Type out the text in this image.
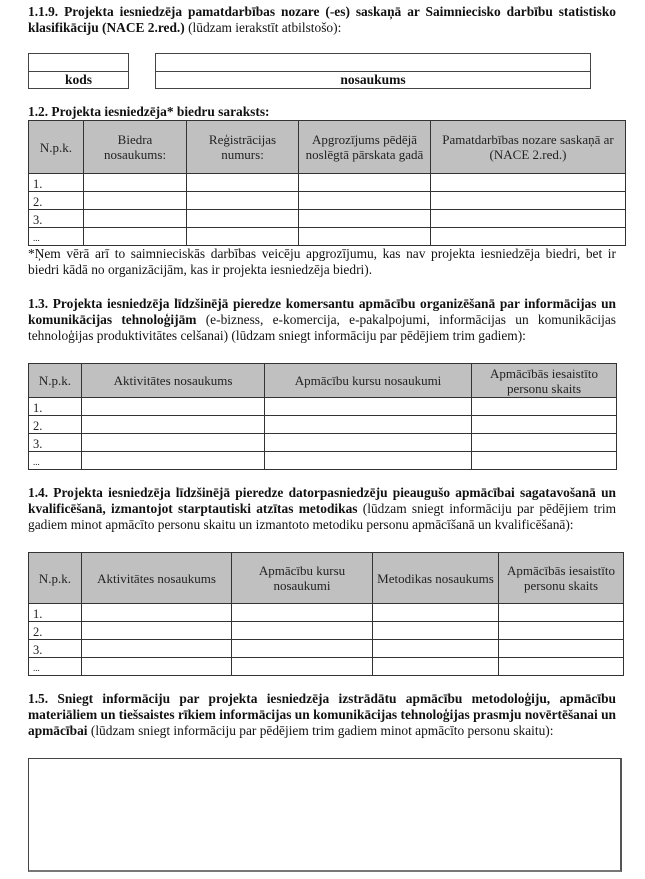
1.1.9. Projekta iesniedzēja pamatdarbības nozare (-es) saskaņā ar Saimniecisko darbību statistisko klasifikāciju (NACE 2.red.) (lūdzam ierakstīt atbilstošo):
kods	nosaukums
1.2. Projekta iesniedzēja* biedru saraksts:
N.p.k.	Biedra nosaukums:	Reģistrācijas numurs:	Apgrozījums pēdējā noslēgtā pārskata gadā	Pamatdarbības nozare saskaņā ar (NACE 2.red.)
1.				
2.				
3.				
...				
*Ņem vērā arī to saimnieciskās darbības veicēju apgrozījumu, kas nav projekta iesniedzēja biedri, bet ir biedri kādā no organizācijām, kas ir projekta iesniedzēja biedri).
1.3. Projekta iesniedzēja līdzšinējā pieredze komersantu apmācību organizēšanā par informācijas un komunikācijas tehnoloģijām (e-bizness, e-komercija, e-pakalpojumi, informācijas un komunikācijas tehnoloģijas produktivitātes celšanai) (lūdzam sniegt informāciju par pēdējiem trim gadiem):
N.p.k.	Aktivitātes nosaukums	Apmācību kursu nosaukumi	Apmācībās iesaistīto personu skaits
1.			
2.			
3.			
...			
1.4. Projekta iesniedzēja līdzšinējā pieredze datorpasniedzēju pieaugušo apmācībai sagatavošanā un kvalificēšanā, izmantojot starptautiski atzītas metodikas (lūdzam sniegt informāciju par pēdējiem trim gadiem minot apmācīto personu skaitu un izmantoto metodiku personu apmācīšanā un kvalificēšanā):
N.p.k.	Aktivitātes nosaukums	Apmācību kursu nosaukumi	Metodikas nosaukums	Apmācībās iesaistīto personu skaits
1.				
2.				
3.				
...				
1.5. Sniegt informāciju par projekta iesniedzēja izstrādātu apmācību metodoloģiju, apmācību materiāliem un tiešsaistes rīkiem informācijas un komunikācijas tehnoloģijas prasmju novērtēšanai un apmācībai (lūdzam sniegt informāciju par pēdējiem trim gadiem minot apmācīto personu skaitu):
